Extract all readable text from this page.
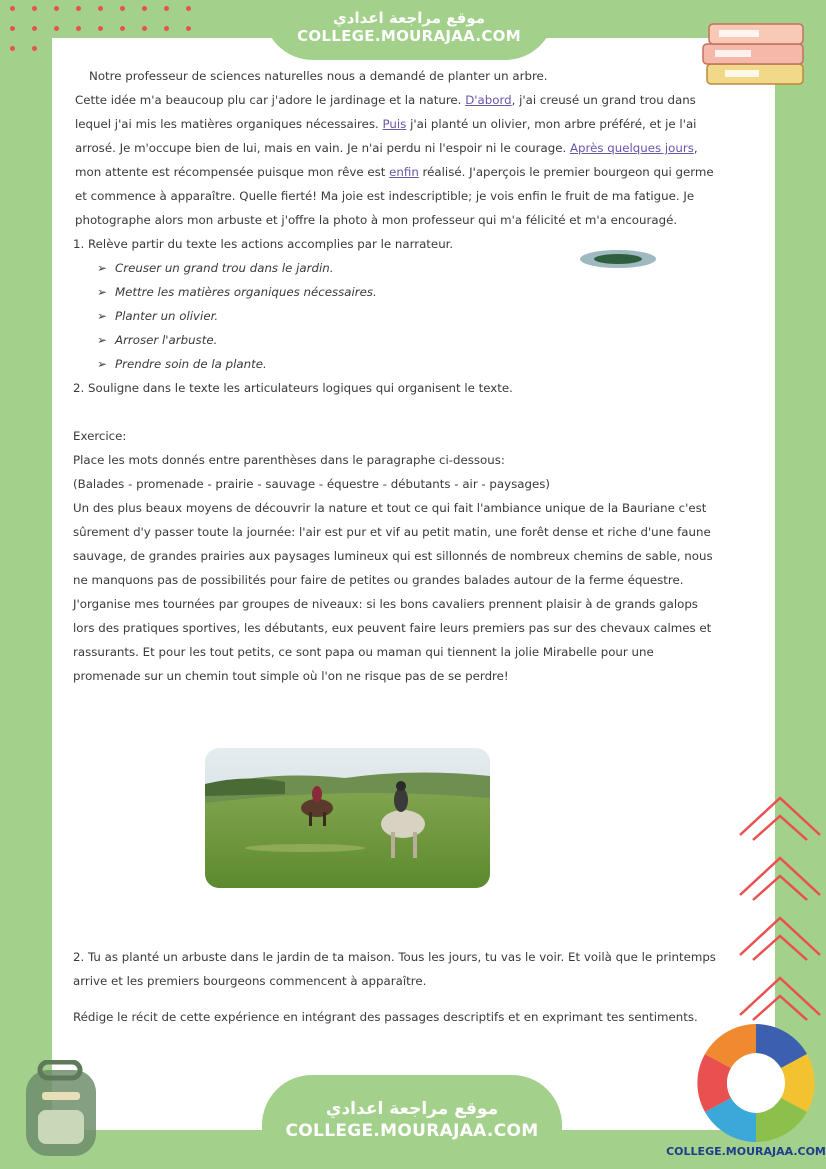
موقع مراجعة اعدادي
COLLEGE.MOURAJAA.COM

Notre professeur de sciences naturelles nous a demandé de planter un arbre.

Cette idée m'a beaucoup plu car j'adore le jardinage et la nature. D'abord, j'ai creusé un grand trou dans lequel j'ai mis les matières organiques nécessaires. Puis j'ai planté un olivier, mon arbre préféré, et je l'ai arrosé. Je m'occupe bien de lui, mais en vain. Je n'ai perdu ni l'espoir ni le courage. Après quelques jours, mon attente est récompensée puisque mon rêve est enfin réalisé. J'aperçois le premier bourgeon qui germe et commence à apparaître. Quelle fierté! Ma joie est indescriptible; je vois enfin le fruit de ma fatigue. Je photographe alors mon arbuste et j'offre la photo à mon professeur qui m'a félicité et m'a encouragé.

1. Relève partir du texte les actions accomplies par le narrateur.

➢ Creuser un grand trou dans le jardin.

➢ Mettre les matières organiques nécessaires.

➢ Planter un olivier.

➢ Arroser l'arbuste.

➢ Prendre soin de la plante.

2. Souligne dans le texte les articulateurs logiques qui organisent le texte.

Exercice:

Place les mots donnés entre parenthèses dans le paragraphe ci-dessous:

(Balades - promenade - prairie - sauvage - équestre - débutants - air - paysages)

Un des plus beaux moyens de découvrir la nature et tout ce qui fait l'ambiance unique de la Bauriane c'est sûrement d'y passer toute la journée: l'air est pur et vif au petit matin, une forêt dense et riche d'une faune sauvage, de grandes prairies aux paysages lumineux qui est sillonnés de nombreux chemins de sable, nous ne manquons pas de possibilités pour faire de petites ou grandes balades autour de la ferme équestre. J'organise mes tournées par groupes de niveaux: si les bons cavaliers prennent plaisir à de grands galops lors des pratiques sportives, les débutants, eux peuvent faire leurs premiers pas sur des chevaux calmes et rassurants. Et pour les tout petits, ce sont papa ou maman qui tiennent la jolie Mirabelle pour une promenade sur un chemin tout simple où l'on ne risque pas de se perdre!

2. Tu as planté un arbuste dans le jardin de ta maison. Tous les jours, tu vas le voir. Et voilà que le printemps arrive et les premiers bourgeons commencent à apparaître.

Rédige le récit de cette expérience en intégrant des passages descriptifs et en exprimant tes sentiments.

موقع مراجعة اعدادي
COLLEGE.MOURAJAA.COM
COLLEGE.MOURAJAA.COM
